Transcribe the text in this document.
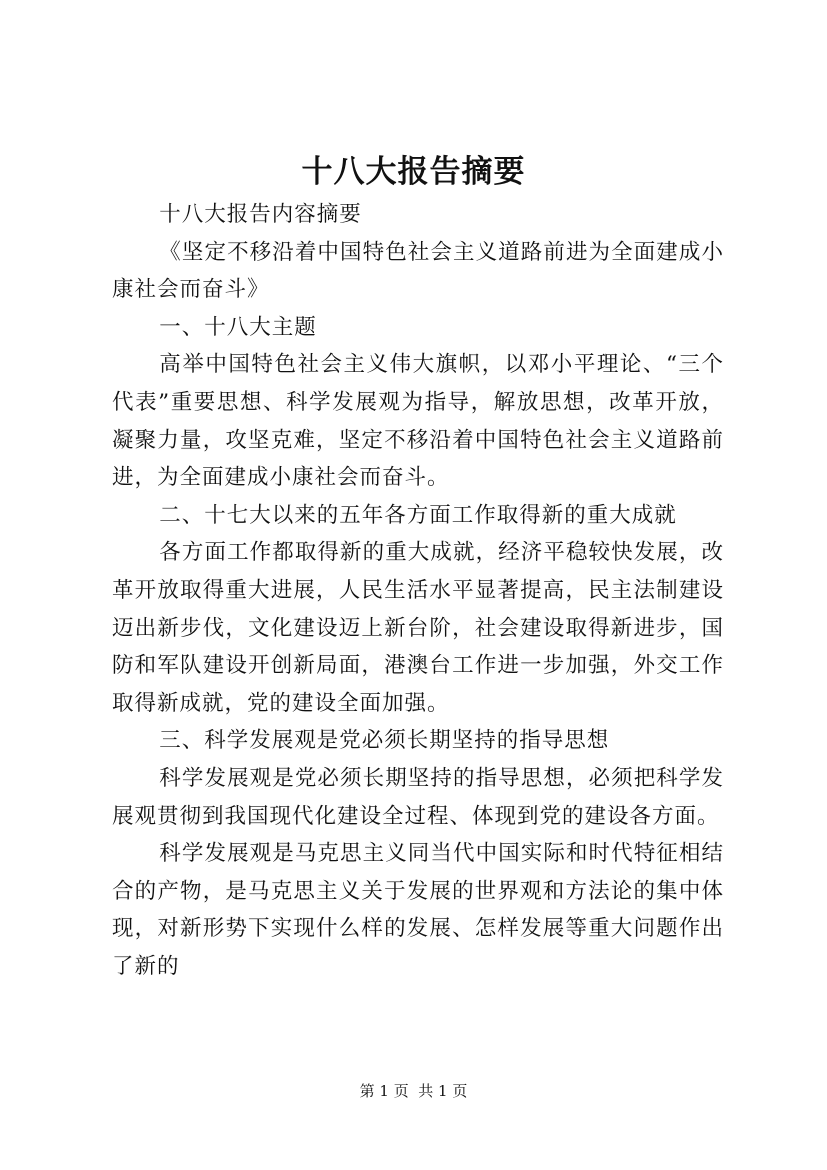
十八大报告摘要

十八大报告内容摘要

《坚定不移沿着中国特色社会主义道路前进为全面建成小康社会而奋斗》

一、十八大主题

高举中国特色社会主义伟大旗帜，以邓小平理论、“三个代表”重要思想、科学发展观为指导，解放思想，改革开放，凝聚力量，攻坚克难，坚定不移沿着中国特色社会主义道路前进，为全面建成小康社会而奋斗。

二、十七大以来的五年各方面工作取得新的重大成就

各方面工作都取得新的重大成就，经济平稳较快发展，改革开放取得重大进展，人民生活水平显著提高，民主法制建设迈出新步伐，文化建设迈上新台阶，社会建设取得新进步，国防和军队建设开创新局面，港澳台工作进一步加强，外交工作取得新成就，党的建设全面加强。

三、科学发展观是党必须长期坚持的指导思想

科学发展观是党必须长期坚持的指导思想，必须把科学发展观贯彻到我国现代化建设全过程、体现到党的建设各方面。

科学发展观是马克思主义同当代中国实际和时代特征相结合的产物，是马克思主义关于发展的世界观和方法论的集中体现，对新形势下实现什么样的发展、怎样发展等重大问题作出了新的

第 1 页  共 1 页
